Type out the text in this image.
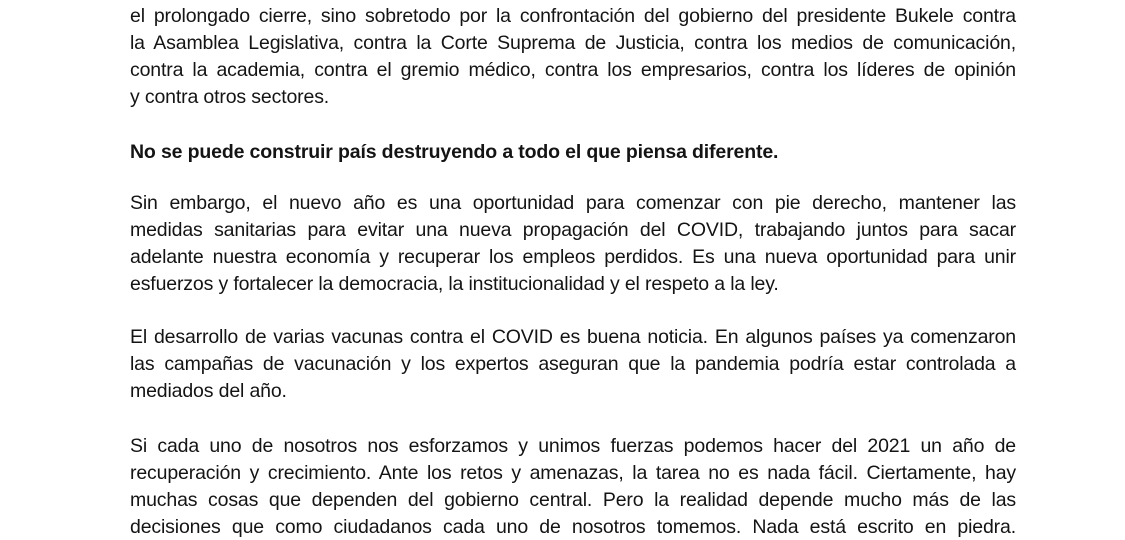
el prolongado cierre, sino sobretodo por la confrontación del gobierno del presidente Bukele contra
la Asamblea Legislativa, contra la Corte Suprema de Justicia, contra los medios de comunicación,
contra la academia, contra el gremio médico, contra los empresarios, contra los líderes de opinión
y contra otros sectores.
No se puede construir país destruyendo a todo el que piensa diferente.
Sin embargo, el nuevo año es una oportunidad para comenzar con pie derecho, mantener las
medidas sanitarias para evitar una nueva propagación del COVID, trabajando juntos para sacar
adelante nuestra economía y recuperar los empleos perdidos. Es una nueva oportunidad para unir
esfuerzos y fortalecer la democracia, la institucionalidad y el respeto a la ley.
El desarrollo de varias vacunas contra el COVID es buena noticia. En algunos países ya comenzaron
las campañas de vacunación y los expertos aseguran que la pandemia podría estar controlada a
mediados del año.
Si cada uno de nosotros nos esforzamos y unimos fuerzas podemos hacer del 2021 un año de
recuperación y crecimiento. Ante los retos y amenazas, la tarea no es nada fácil. Ciertamente, hay
muchas cosas que dependen del gobierno central. Pero la realidad depende mucho más de las
decisiones que como ciudadanos cada uno de nosotros tomemos. Nada está escrito en piedra.
